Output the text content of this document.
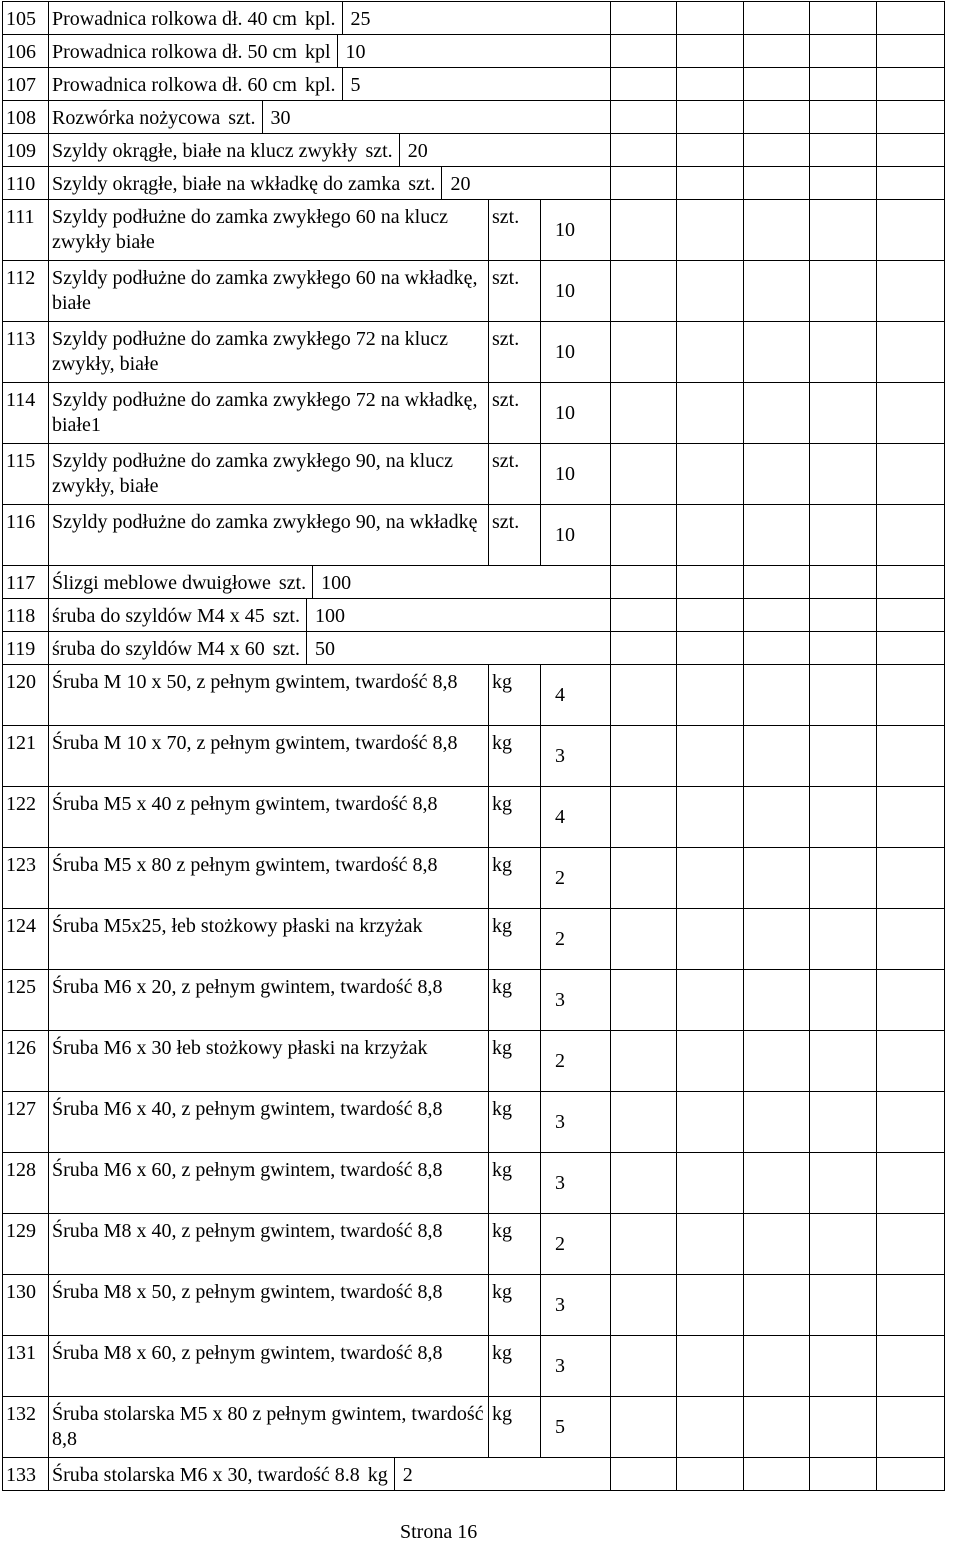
105	Prowadnica rolkowa dł. 40 cm kpl. 25							
106	Prowadnica rolkowa dł. 50 cm kpl 10							
107	Prowadnica rolkowa dł. 60 cm kpl. 5							
108	Rozwórka nożycowa szt. 30							
109	Szyldy okrągłe, białe na klucz zwykły szt. 20							
110	Szyldy okrągłe, białe na wkładkę do zamka szt. 20							
111	Szyldy podłużne do zamka zwykłego 60 na klucz zwykły białe	szt.	10					
112	Szyldy podłużne do zamka zwykłego 60 na wkładkę, białe	szt.	10					
113	Szyldy podłużne do zamka zwykłego 72 na klucz zwykły, białe	szt.	10					
114	Szyldy podłużne do zamka zwykłego 72 na wkładkę, białe1	szt.	10					
115	Szyldy podłużne do zamka zwykłego 90, na klucz zwykły, białe	szt.	10					
116	Szyldy podłużne do zamka zwykłego 90, na wkładkę	szt.	10					
117	Ślizgi meblowe dwuigłowe szt. 100							
118	śruba do szyldów M4 x 45 szt. 100							
119	śruba do szyldów M4 x 60 szt. 50							
120	Śruba M 10 x 50, z pełnym gwintem, twardość 8,8	kg	4					
121	Śruba M 10 x 70, z pełnym gwintem, twardość 8,8	kg	3					
122	Śruba M5 x 40 z pełnym gwintem, twardość 8,8	kg	4					
123	Śruba M5 x 80 z pełnym gwintem, twardość 8,8	kg	2					
124	Śruba M5x25, łeb stożkowy płaski na krzyżak	kg	2					
125	Śruba M6 x 20, z pełnym gwintem, twardość 8,8	kg	3					
126	Śruba M6 x 30 łeb stożkowy płaski na krzyżak	kg	2					
127	Śruba M6 x 40, z pełnym gwintem, twardość 8,8	kg	3					
128	Śruba M6 x 60, z pełnym gwintem, twardość 8,8	kg	3					
129	Śruba M8 x 40, z pełnym gwintem, twardość 8,8	kg	2					
130	Śruba M8 x 50, z pełnym gwintem, twardość 8,8	kg	3					
131	Śruba M8 x 60, z pełnym gwintem, twardość 8,8	kg	3					
132	Śruba stolarska M5 x 80 z pełnym gwintem, twardość 8,8	kg	5					
133	Śruba stolarska M6 x 30, twardość 8.8 kg 2							
Strona 16
